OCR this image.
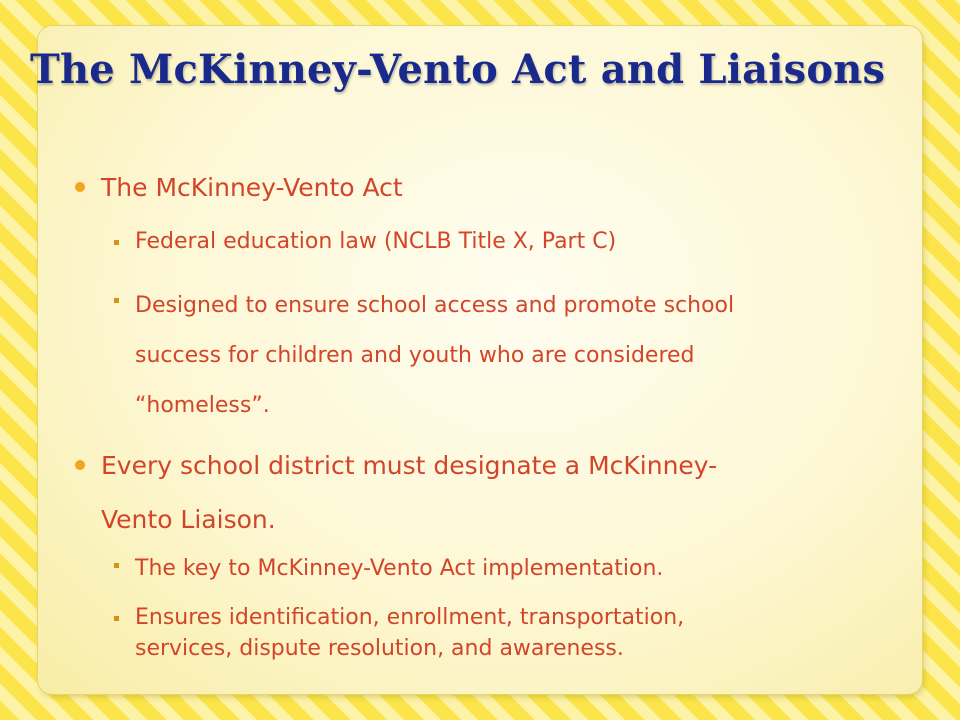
The McKinney-Vento Act and Liaisons
The McKinney-Vento Act
Federal education law (NCLB Title X, Part C)
Designed to ensure school access and promote school
success for children and youth who are considered
“homeless”.
Every school district must designate a McKinney-
Vento Liaison.
The key to McKinney-Vento Act implementation.
Ensures identification, enrollment, transportation,
services, dispute resolution, and awareness.
